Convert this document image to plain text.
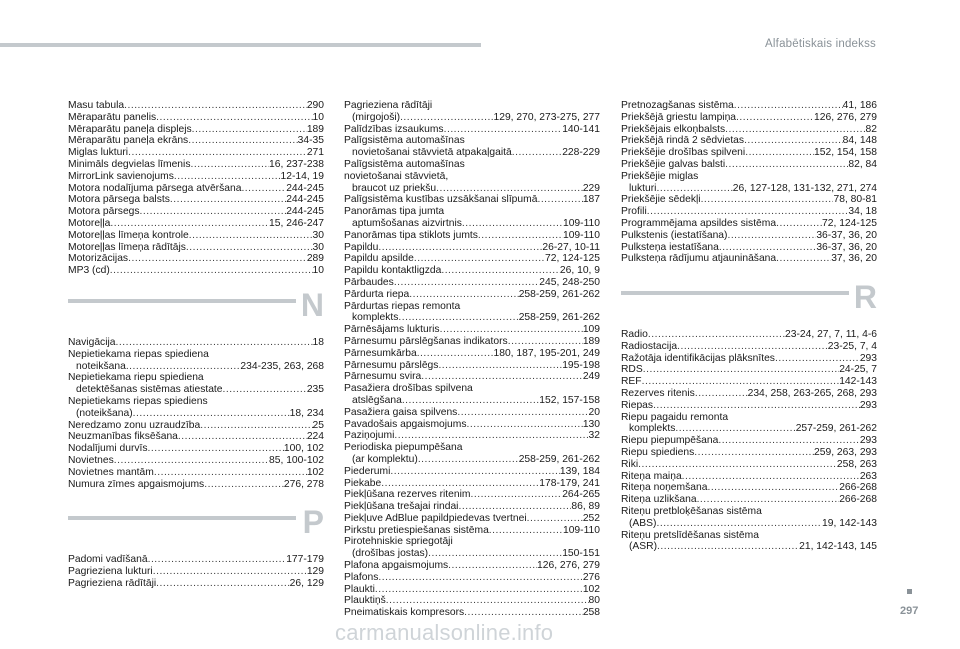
Alfabētiskais indekss
Masu tabula .....	290
Mēraparātu panelis .....	10
Mēraparātu paneļa displejs .....	189
Mēraparātu paneļa ekrāns .....	34-35
Miglas lukturi .....	271
Minimāls degvielas līmenis .....	16, 237-238
MirrorLink savienojums .....	12-14, 19
Motora nodalījuma pārsega atvēršana .....	244-245
Motora pārsega balsts .....	244-245
Motora pārsegs .....	244-245
Motoreļļa .....	15, 246-247
Motoreļļas līmeņa kontrole .....	30
Motoreļļas līmeņa rādītājs .....	30
Motorizācijas .....	289
MP3 (cd) .....	10
N
Navigācija .....	18
Nepietiekama riepas spiediena
noteikšana .....	234-235, 263, 268
Nepietiekama riepu spiediena
detektēšanas sistēmas atiestate .....	235
Nepietiekams riepas spiediens
(noteikšana) .....	18, 234
Neredzamo zonu uzraudzība .....	25
Neuzmanības fiksēšana .....	224
Nodalījumi durvīs .....	100, 102
Novietnes .....	85, 100-102
Novietnes mantām .....	102
Numura zīmes apgaismojums .....	276, 278
P
Padomi vadīšanā .....	177-179
Pagrieziena lukturi .....	129
Pagrieziena rādītāji .....	26, 129
Pagrieziena rādītāji
(mirgojoši) .....	129, 270, 273-275, 277
Palīdzības izsaukums .....	140-141
Palīgsistēma automašīnas
novietošanai stāvvietā atpakaļgaitā .....	228-229
Palīgsistēma automašīnas
novietošanai stāvvietā,
braucot uz priekšu .....	229
Palīgsistēma kustības uzsākšanai slīpumā .....	187
Panorāmas tipa jumta
aptumšošanas aizvirtnis .....	109-110
Panorāmas tipa stiklots jumts .....	109-110
Papildu .....	26-27, 10-11
Papildu apsilde .....	72, 124-125
Papildu kontaktligzda .....	26, 10, 9
Pārbaudes .....	245, 248-250
Pārdurta riepa .....	258-259, 261-262
Pārdurtas riepas remonta
komplekts .....	258-259, 261-262
Pārnēsājams lukturis .....	109
Pārnesumu pārslēgšanas indikators .....	189
Pārnesumkārba .....	180, 187, 195-201, 249
Pārnesumu pārslēgs .....	195-198
Pārnesumu svira .....	249
Pasažiera drošības spilvena
atslēgšana .....	152, 157-158
Pasažiera gaisa spilvens .....	20
Pavadošais apgaismojums .....	130
Paziņojumi .....	32
Periodiska piepumpēšana
(ar komplektu) .....	258-259, 261-262
Piederumi .....	139, 184
Piekabe .....	178-179, 241
Piekļūšana rezerves ritenim .....	264-265
Piekļūšana trešajai rindai .....	86, 89
Piekļuve AdBlue papildpiedevas tvertnei .....	252
Pirkstu pretiespiešanas sistēma .....	109-110
Pirotehniskie spriegotāji
(drošības jostas) .....	150-151
Plafona apgaismojums .....	126, 276, 279
Plafons .....	276
Plaukti .....	102
Plauktiņš .....	80
Pneimatiskais kompresors .....	258
Pretnozagšanas sistēma .....	41, 186
Priekšējā griestu lampiņa .....	126, 276, 279
Priekšējais elkoņbalsts .....	82
Priekšējā rindā 2 sēdvietas .....	84, 148
Priekšējie drošības spilveni .....	152, 154, 158
Priekšējie galvas balsti .....	82, 84
Priekšējie miglas
lukturi .....	26, 127-128, 131-132, 271, 274
Priekšējie sēdekļi .....	78, 80-81
Profili .....	34, 18
Programmējama apsildes sistēma .....	72, 124-125
Pulkstenis (iestatīšana) .....	36-37, 36, 20
Pulksteņa iestatīšana .....	36-37, 36, 20
Pulksteņa rādījumu atjaunināšana .....	37, 36, 20
R
Radio .....	23-24, 27, 7, 11, 4-6
Radiostacija .....	23-25, 7, 4
Ražotāja identifikācijas plāksnītes .....	293
RDS .....	24-25, 7
REF .....	142-143
Rezerves ritenis .....	234, 258, 263-265, 268, 293
Riepas .....	293
Riepu pagaidu remonta
komplekts .....	257-259, 261-262
Riepu piepumpēšana .....	293
Riepu spiediens .....	259, 263, 293
Riki .....	258, 263
Riteņa maiņa .....	263
Riteņa noņemšana .....	266-268
Riteņa uzlikšana .....	266-268
Riteņu pretbloķēšanas sistēma
(ABS) .....	19, 142-143
Riteņu pretslīdēšanas sistēma
(ASR) .....	21, 142-143, 145
297
carmanualsonline.info
